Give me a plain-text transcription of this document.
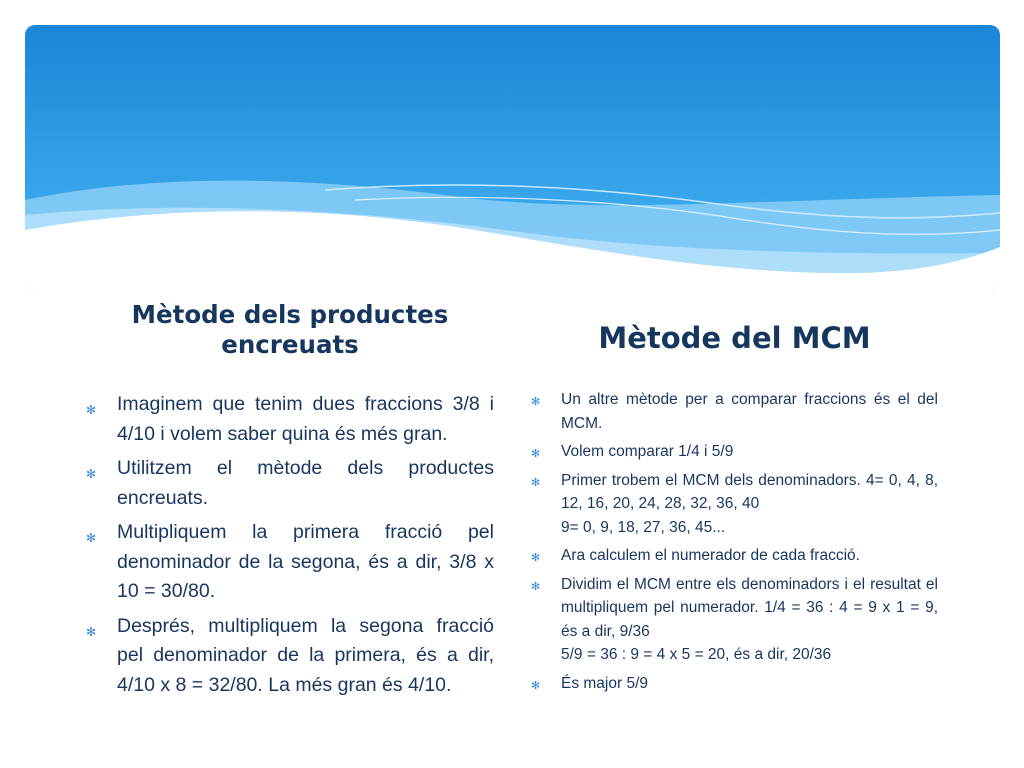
Mètode dels productes encreuats
✻ Imaginem que tenim dues fraccions 3/8 i 4/10 i volem saber quina és més gran.
✻ Utilitzem el mètode dels productes encreuats.
✻ Multipliquem la primera fracció pel denominador de la segona, és a dir, 3/8 x 10 = 30/80.
✻ Després, multipliquem la segona fracció pel denominador de la primera, és a dir, 4/10 x 8 = 32/80. La més gran és 4/10.
Mètode del MCM
✻ Un altre mètode per a comparar fraccions és el del MCM.
✻ Volem comparar 1/4 i 5/9
✻ Primer trobem el MCM dels denominadors. 4= 0, 4, 8, 12, 16, 20, 24, 28, 32, 36, 40
9= 0, 9, 18, 27, 36, 45...
✻ Ara calculem el numerador de cada fracció.
✻ Dividim el MCM entre els denominadors i el resultat el multipliquem pel numerador. 1/4 = 36 : 4 = 9 x 1 = 9, és a dir, 9/36
5/9 = 36 : 9 = 4 x 5 = 20, és a dir, 20/36
✻ És major 5/9
